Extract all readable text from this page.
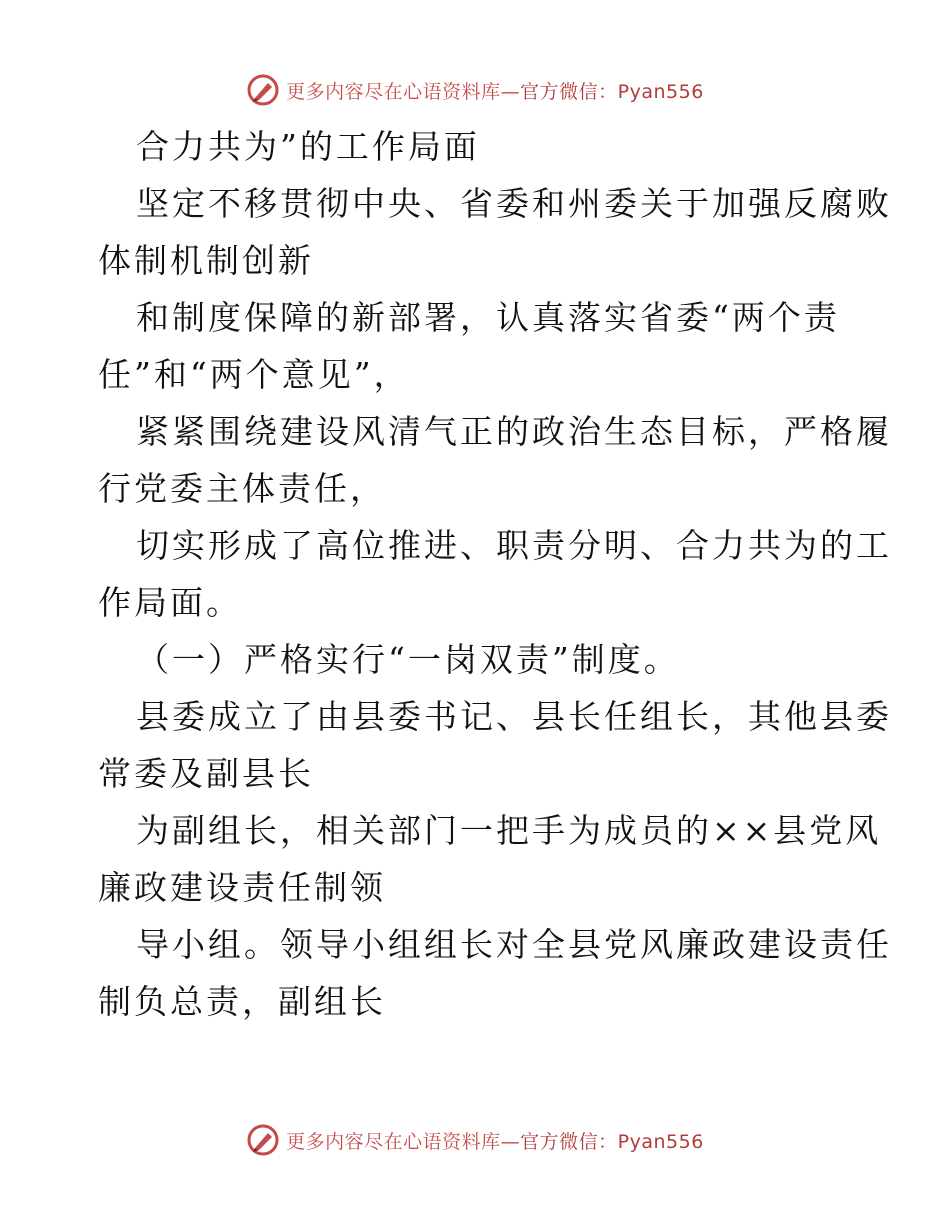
更多内容尽在心语资料库—官方微信：Pyan556
合力共为”的工作局面
坚定不移贯彻中央、省委和州委关于加强反腐败
体制机制创新
和制度保障的新部署，认真落实省委“两个责
任”和“两个意见”，
紧紧围绕建设风清气正的政治生态目标，严格履
行党委主体责任，
切实形成了高位推进、职责分明、合力共为的工
作局面。
（一）严格实行“一岗双责”制度。
县委成立了由县委书记、县长任组长，其他县委
常委及副县长
为副组长，相关部门一把手为成员的××县党风
廉政建设责任制领
导小组。领导小组组长对全县党风廉政建设责任
制负总责，副组长
更多内容尽在心语资料库—官方微信：Pyan556
